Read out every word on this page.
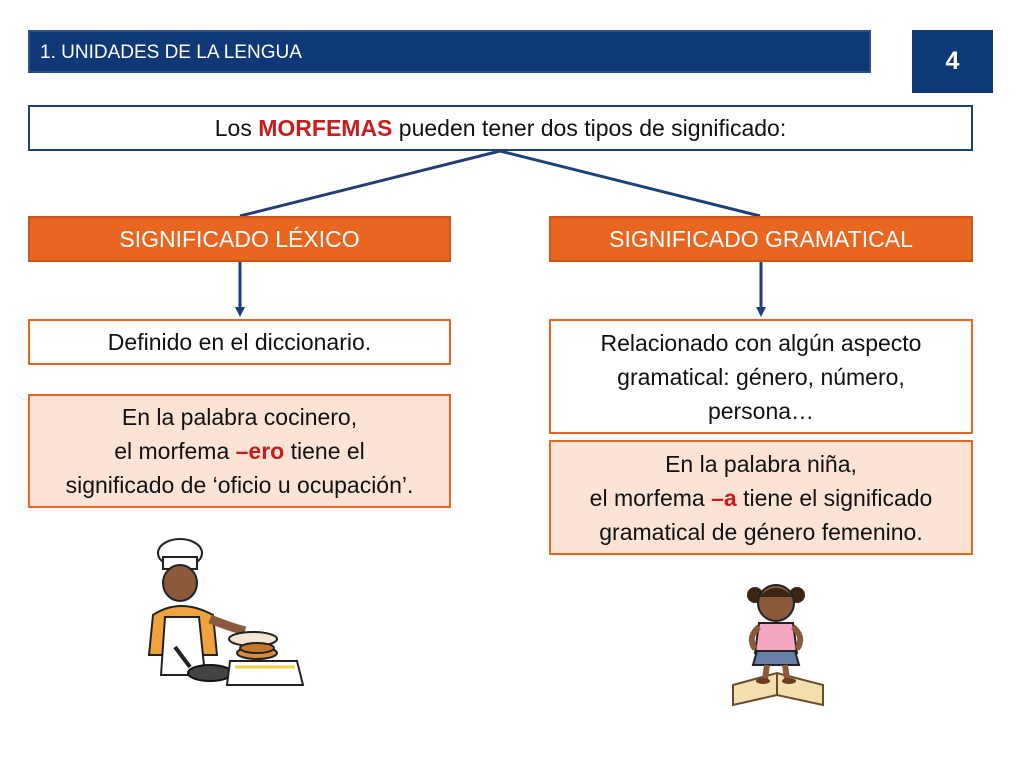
1. UNIDADES DE LA LENGUA	4
Los MORFEMAS pueden tener dos tipos de significado:
SIGNIFICADO LÉXICO
Definido en el diccionario.
En la palabra cocinero,
el morfema –ero tiene el
significado de ‘oficio u ocupación’.
SIGNIFICADO GRAMATICAL
Relacionado con algún aspecto
gramatical: género, número,
persona…
En la palabra niña,
el morfema –a tiene el significado
gramatical de género femenino.
